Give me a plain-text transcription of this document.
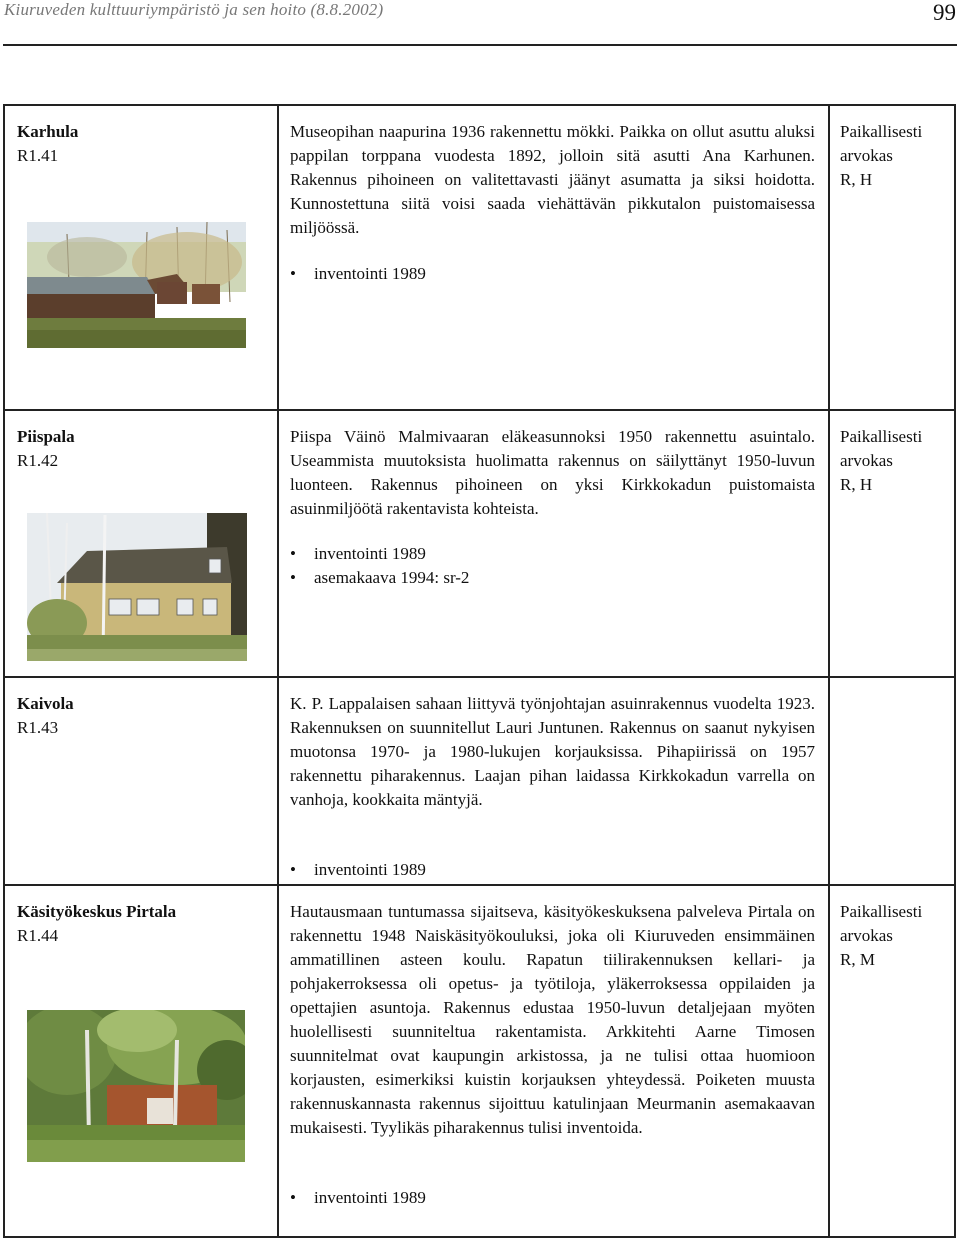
Kiuruveden kulttuuriympäristö ja sen hoito (8.8.2002)	99
Karhula
R1.41
Museopihan naapurina 1936 rakennettu mökki. Paikka on ollut asuttu aluksi pappilan torppana vuodesta 1892, jolloin sitä asutti Ana Karhunen. Rakennus pihoineen on valitettavasti jäänyt asumatta ja siksi hoidotta. Kunnostettuna siitä voisi saada viehättävän pikkutalon puistomaisessa miljöössä.
• inventointi 1989
Paikallisesti
arvokas
R, H
Piispala
R1.42
Piispa Väinö Malmivaaran eläkeasunnoksi 1950 rakennettu asuintalo. Useammista muutoksista huolimatta rakennus on säilyttänyt 1950-luvun luonteen. Rakennus pihoineen on yksi Kirkkokadun puistomaista asuinmiljöötä rakentavista kohteista.
• inventointi 1989
• asemakaava 1994: sr-2
Paikallisesti
arvokas
R, H
Kaivola
R1.43
K. P. Lappalaisen sahaan liittyvä työnjohtajan asuinrakennus vuodelta 1923. Rakennuksen on suunnitellut Lauri Juntunen. Rakennus on saanut nykyisen muotonsa 1970- ja 1980-lukujen korjauksissa. Pihapiirissä on 1957 rakennettu piharakennus. Laajan pihan laidassa Kirkkokadun varrella on vanhoja, kookkaita mäntyjä.
• inventointi 1989
Käsityökeskus Pirtala
R1.44
Hautausmaan tuntumassa sijaitseva, käsityökeskuksena palveleva Pirtala on rakennettu 1948 Naiskäsityökouluksi, joka oli Kiuruveden ensimmäinen ammatillinen asteen koulu. Rapatun tiilirakennuksen kellari- ja pohjakerroksessa oli opetus- ja työtiloja, yläkerroksessa oppilaiden ja opettajien asuntoja. Rakennus edustaa 1950-luvun detaljejaan myöten huolellisesti suunniteltua rakentamista. Arkkitehti Aarne Timosen suunnitelmat ovat kaupungin arkistossa, ja ne tulisi ottaa huomioon korjausten, esimerkiksi kuistin korjauksen yhteydessä. Poiketen muusta rakennuskannasta rakennus sijoittuu katulinjaan Meurmanin asemakaavan mukaisesti. Tyylikäs piharakennus tulisi inventoida.
• inventointi 1989
Paikallisesti
arvokas
R, M
